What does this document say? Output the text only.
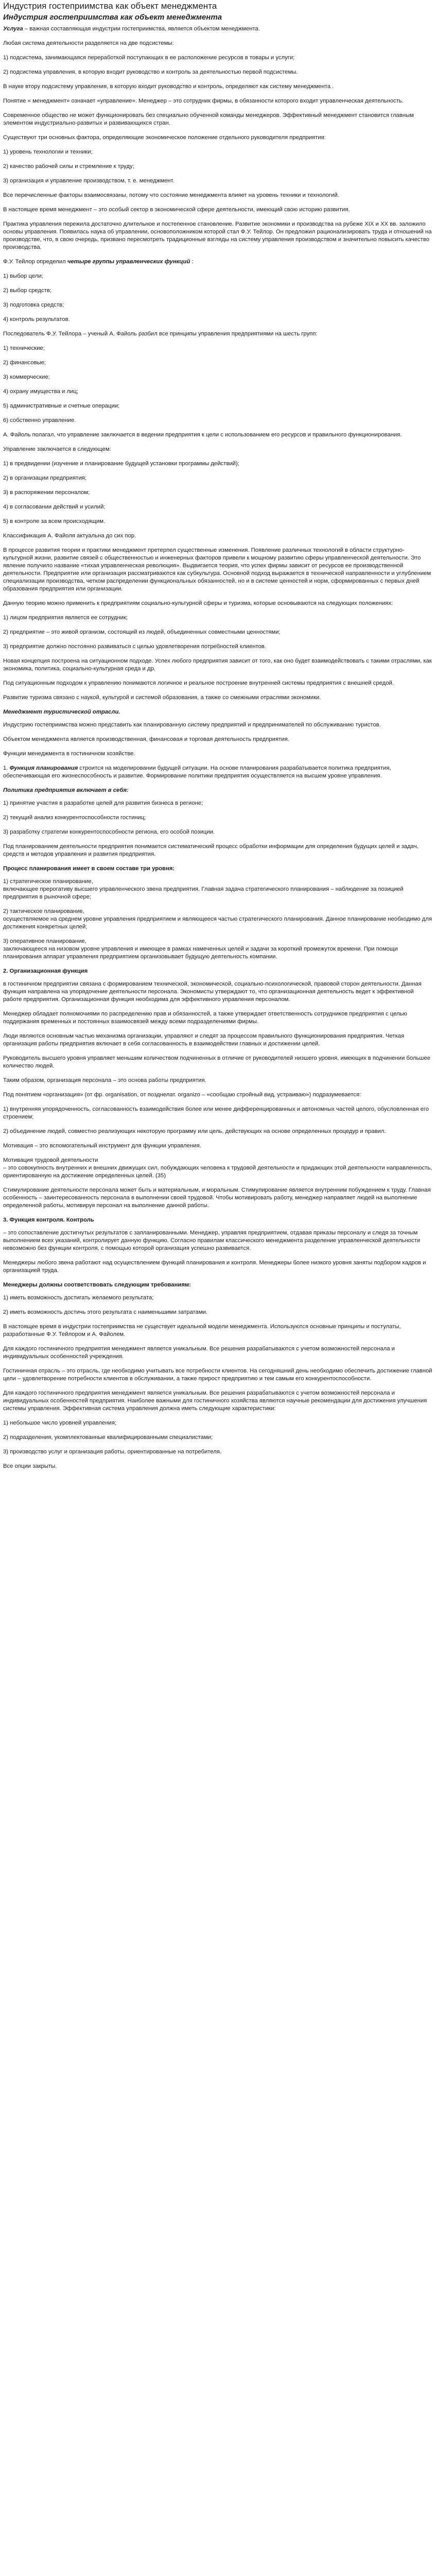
Индустрия гостеприимства как объект менеджмента
Индустрия гостеприимства как объект менеджмента

Услуга – важная составляющая индустрии гостеприимства, является объектом менеджмента.

Любая система деятельности разделяется на две подсистемы:

1) подсистема, занимающаяся переработкой поступающих в ее расположение ресурсов в товары и услуги;

2) подсистема управления, в которую входит руководство и контроль за деятельностью первой подсистемы.

В науке втору подсистему управления, в которую входит руководство и контроль, определяют как систему менеджмента .

Понятие « менеджмент» означает «управление». Менеджер – это сотрудник фирмы, в обязанности которого входит управленческая деятельность.

Современное общество не может функционировать без специально обученной команды менеджеров. Эффективный менеджмент становится главным элементом индустриально-развитых и развивающихся стран.

Существуют три основных фактора, определяющие экономическое положение отдельного руководителя предприятия:

1) уровень технологии и техники;

2) качество рабочей силы и стремление к труду;

3) организация и управление производством, т. е. менеджмент.

Все перечисленные факторы взаимосвязаны, потому что состояние менеджмента влияет на уровень техники и технологий.

В настоящее время менеджмент – это особый сектор в экономической сфере деятельности, имеющий свою историю развития.

Практика управления пережила достаточно длительное и постепенное становление. Развитие экономики и производства на рубеже XIX и XX вв. заложило основы управления. Появилась наука об управлении, основоположником которой стал Ф.У. Тейлор. Он предложил рационализировать труда и отношений на производстве, что, в свою очередь, призвано пересмотреть традиционные взгляды на систему управления производством и значительно повысить качество производства.

Ф.У. Тейлор определил четыре группы управленческих функций :

1) выбор цели;

2) выбор средств;

3) подготовка средств;

4) контроль результатов.

Последователь Ф.У. Тейлора – ученый А. Файоль разбил все принципы управления предприятиями на шесть групп:

1) технические;

2) финансовые;

3) коммерческие;

4) охрану имущества и лиц;

5) административные и счетные операции;

6) собственно управление.

А. Файоль полагал, что управление заключается в ведении предприятия к цели с использованием его ресурсов и правильного функционирования.

Управление заключается в следующем:

1) в предвидении (изучение и планирование будущей установки программы действий);

2) в организации предприятия;

3) в распоряжении персоналом;

4) в согласовании действий и усилий;

5) в контроле за всем происходящим.

Классификация А. Файоля актуальна до сих пор.

В процессе развития теории и практики менеджмент претерпел существенные изменения. Появление различных технологий в области структурно-культурной жизни, развитие связей с общественностью и инженерных факторов привели к мощному развитию сферы управленческой деятельности. Это явление получило название «тихая управленческая революция». Выдвигается теория, что успех фирмы зависит от ресурсов ее производственной деятельности. Предприятие или организация рассматриваются как субкультура. Основной подход выражается в технической направленности и углублением специализации производства, четком распределении функциональных обязанностей, но и в системе ценностей и норм, сформированных с первых дней образования предприятия или организации.

Данную теорию можно применить к предприятиям социально-культурной сферы и туризма, которые основываются на следующих положениях:

1) лицом предприятия является ее сотрудник;

2) предприятие – это живой организм, состоящий из людей, объединенных совместными ценностями;

3) предприятие должно постоянно развиваться с целью удовлетворения потребностей клиентов.

Новая концепция построена на ситуационном подходе. Успех любого предприятия зависит от того, как оно будет взаимодействовать с такими отраслями, как экономика, политика, социально-культурная среда и др.

Под ситуационным подходом к управлению понимаются логичное и реальное построение внутренней системы предприятия с внешней средой.

Развитие туризма связано с наукой, культурой и системой образования, а также со смежными отраслями экономики.

Менеджмент туристической отрасли.

Индустрию гостеприимства можно представить как планированную систему предприятий и предпринимателей по обслуживанию туристов.

Объектом менеджмента является производственная, финансовая и торговая деятельность предприятия.

Функции менеджмента в гостиничном хозяйстве.

1. Функция планирования строится на моделировании будущей ситуации. На основе планирования разрабатывается политика предприятия, обеспечивающая его жизнеспособность и развитие. Формирование политики предприятия осуществляется на высшем уровне управления.

Политика предприятия включает в себя:

1) принятие участия в разработке целей для развития бизнеса в регионе;

2) текущий анализ конкурентоспособности гостиниц;

3) разработку стратегии конкурентоспособности региона, его особой позиции.

Под планированием деятельности предприятия понимается систематический процесс обработки информации для определения будущих целей и задач, средств и методов управления и развития предприятия.

Процесс планирования имеет в своем составе три уровня:

1) стратегическое планирование,
включающее прерогативу высшего управленческого звена предприятия. Главная задача стратегического планирования – наблюдение за позицией предприятия в рыночной сфере;

2) тактическое планирование,
осуществляемое на среднем уровне управления предприятием и являющееся частью стратегического планирования. Данное планирование необходимо для достижения конкретных целей;

3) оперативное планирование,
заключающееся на низовом уровне управления и имеющее в рамках намеченных целей и задачи за короткий промежуток времени. При помощи планирования аппарат управления предприятием организовывает будущую деятельность компании.

2. Организационная функция

в гостиничном предприятии связана с формированием технической, экономической, социально-психологической, правовой сторон деятельности. Данная функция направлена на упорядочение деятельности персонала. Экономисты утверждают то, что организационная деятельность ведет к эффективной работе предприятия. Организационная функция необходима для эффективного управления персоналом.

Менеджер обладает полномочиями по распределению прав и обязанностей, а также утверждает ответственность сотрудников предприятия с целью поддержания временных и постоянных взаимосвязей между всеми подразделениями фирмы.

Люди являются основным частью механизма организации, управляют и следят за процессом правильного функционирования предприятия. Четкая организация работы предприятия включает в себя согласованность в взаимодействии главных и достижении целей.

Руководитель высшего уровня управляет меньшим количеством подчиненных в отличие от руководителей низшего уровня, имеющих в подчинении большее количество людей.

Таким образом, организация персонала – это основа работы предприятия.

Под понятием «организация» (от фр. organisation, от позднелат. organizo – «сообщаю стройный вид, устраиваю») подразумевается:

1) внутренняя упорядоченность, согласованность взаимодействия более или менее дифференцированных и автономных частей целого, обусловленная его строением;

2) объединение людей, совместно реализующих некоторую программу или цель, действующих на основе определенных процедур и правил.

Мотивация – это вспомогательный инструмент для функции управления.

Мотивация трудовой деятельности
– это совокупность внутренних и внешних движущих сил, побуждающих человека к трудовой деятельности и придающих этой деятельности направленность, ориентированную на достижение определенных целей. (35)

Стимулирование деятельности персонала может быть и материальным, и моральным. Стимулирование является внутренним побуждением к труду. Главная особенность – заинтересованность персонала в выполнении своей трудовой. Чтобы мотивировать работу, менеджер направляет людей на выполнение определенной работы, мотивируя персонал на выполнение данной работы.

3. Функция контроля. Контроль

– это сопоставление достигнутых результатов с запланированными. Менеджер, управляя предприятием, отдавая приказы персоналу и следя за точным выполнением всех указаний, контролирует данную функцию. Согласно правилам классического менеджмента разделение управленческой деятельности невозможно без функции контроля, с помощью которой организация успешно развивается.

Менеджеры любого звена работают над осуществлением функций планирования и контроля. Менеджеры более низкого уровня заняты подбором кадров и организацией труда.

Менеджеры должны соответствовать следующим требованиям:

1) иметь возможность достигать желаемого результата;

2) иметь возможность достичь этого результата с наименьшими затратами.

В настоящее время в индустрии гостеприимства не существует идеальной модели менеджмента. Используются основные принципы и постулаты, разработанные Ф.У. Тейлором и А. Файолем.

Для каждого гостиничного предприятия менеджмент является уникальным. Все решения разрабатываются с учетом возможностей персонала и индивидуальных особенностей учреждения.

Гостиничная отрасль – это отрасль, где необходимо учитывать все потребности клиентов. На сегодняшний день необходимо обеспечить достижение главной цели – удовлетворение потребности клиентов в обслуживании, а также прирост предприятию и тем самым его конкурентоспособности.

Для каждого гостиничного предприятия менеджмент является уникальным. Все решения разрабатываются с учетом возможностей персонала и индивидуальных особенностей предприятия. Наиболее важными для гостиничного хозяйства являются научные рекомендации для достижения улучшения системы управления. Эффективная система управления должна иметь следующие характеристики:

1) небольшое число уровней управления;

2) подразделения, укомплектованные квалифицированными специалистами;

3) производство услуг и организация работы, ориентированные на потребителя.

Все опции закрыты.
